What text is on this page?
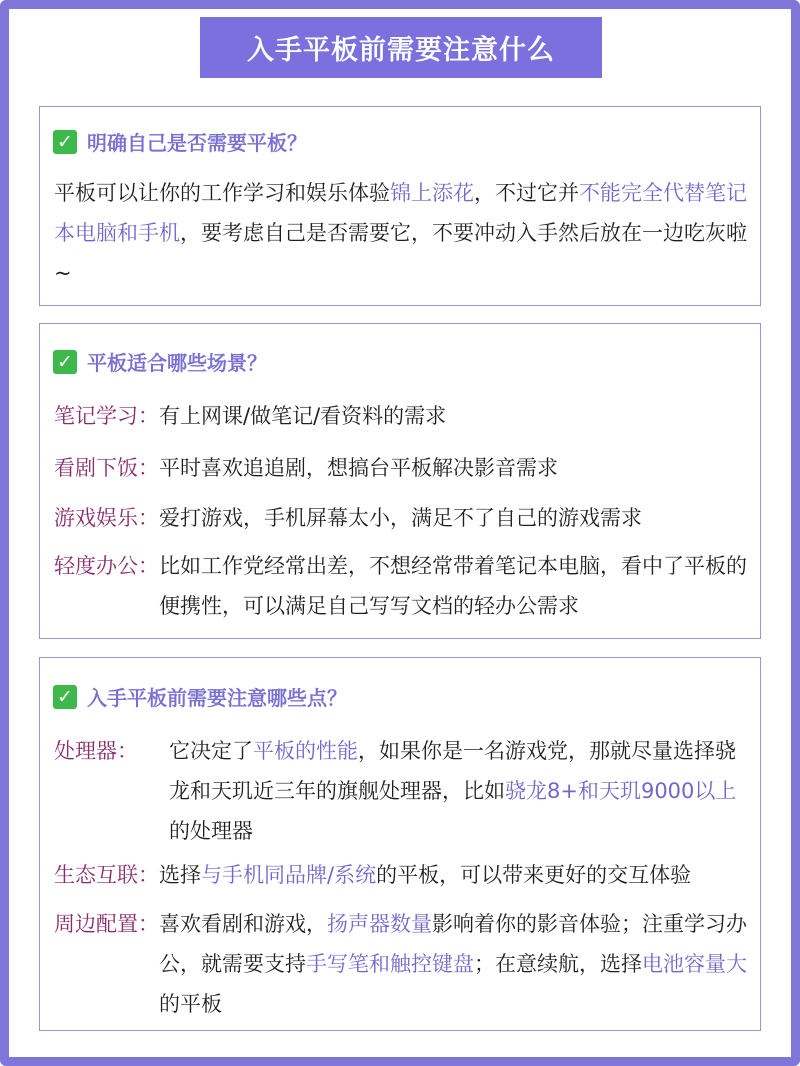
入手平板前需要注意什么
✓ 明确自己是否需要平板？
平板可以让你的工作学习和娱乐体验锦上添花，不过它并不能完全代替笔记本电脑和手机，要考虑自己是否需要它，不要冲动入手然后放在一边吃灰啦~
✓ 平板适合哪些场景？
笔记学习： 有上网课/做笔记/看资料的需求
看剧下饭： 平时喜欢追追剧，想搞台平板解决影音需求
游戏娱乐： 爱打游戏，手机屏幕太小，满足不了自己的游戏需求
轻度办公： 比如工作党经常出差，不想经常带着笔记本电脑，看中了平板的便携性，可以满足自己写写文档的轻办公需求
✓ 入手平板前需要注意哪些点？
处理器：	它决定了平板的性能，如果你是一名游戏党，那就尽量选择骁龙和天玑近三年的旗舰处理器，比如骁龙8+和天玑9000以上的处理器
生态互联： 选择与手机同品牌/系统的平板，可以带来更好的交互体验
周边配置： 喜欢看剧和游戏，扬声器数量影响着你的影音体验；注重学习办公，就需要支持手写笔和触控键盘；在意续航，选择电池容量大的平板
